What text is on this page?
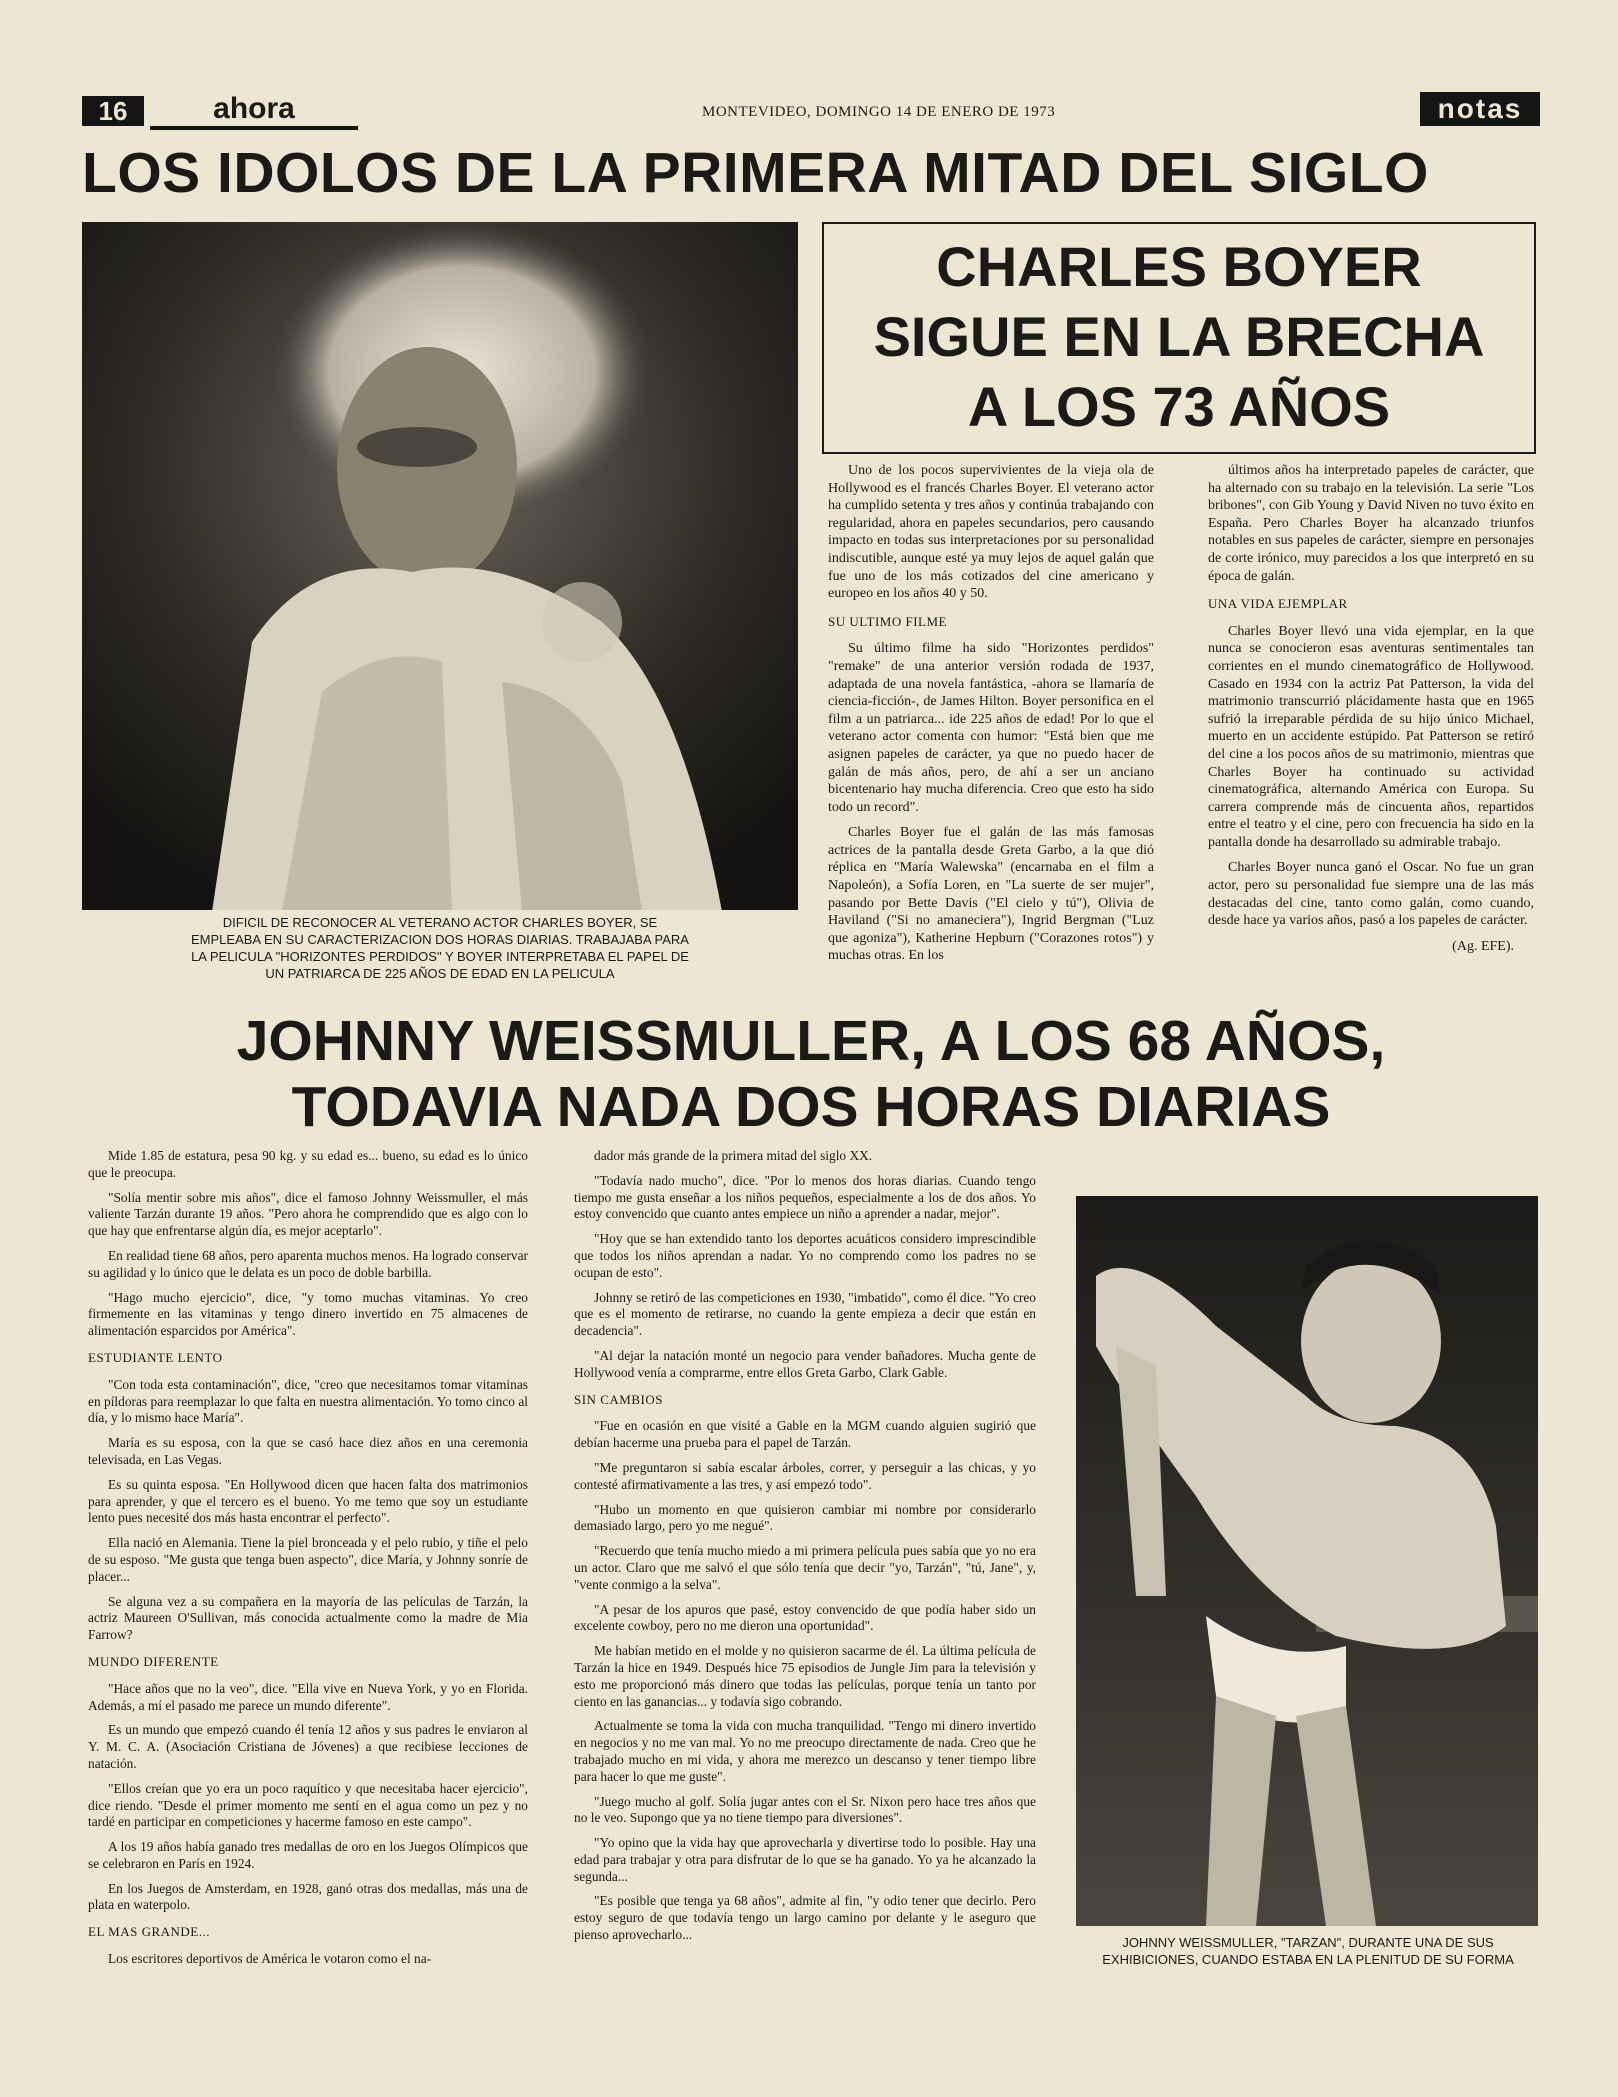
16	ahora	MONTEVIDEO, DOMINGO 14 DE ENERO DE 1973	notas
LOS IDOLOS DE LA PRIMERA MITAD DEL SIGLO
DIFICIL DE RECONOCER AL VETERANO ACTOR CHARLES BOYER, SE EMPLEABA EN SU CARACTERIZACION DOS HORAS DIARIAS. TRABAJABA PARA LA PELICULA "HORIZONTES PERDIDOS" Y BOYER INTERPRETABA EL PAPEL DE UN PATRIARCA DE 225 AÑOS DE EDAD EN LA PELICULA
CHARLES BOYER
SIGUE EN LA BRECHA
A LOS 73 AÑOS

Uno de los pocos supervivientes de la vieja ola de Hollywood es el francés Charles Boyer. El veterano actor ha cumplido setenta y tres años y continúa trabajando con regularidad, ahora en papeles secundarios, pero causando impacto en todas sus interpretaciones por su personalidad indiscutible, aunque esté ya muy lejos de aquel galán que fue uno de los más cotizados del cine americano y europeo en los años 40 y 50.

SU ULTIMO FILME

Su último filme ha sido "Horizontes perdidos" "remake" de una anterior versión rodada de 1937, adaptada de una novela fantástica, -ahora se llamaría de ciencia-ficción-, de James Hilton. Boyer personifica en el film a un patriarca... ide 225 años de edad! Por lo que el veterano actor comenta con humor: "Está bien que me asignen papeles de carácter, ya que no puedo hacer de galán de más años, pero, de ahí a ser un anciano bicentenario hay mucha diferencia. Creo que esto ha sido todo un record".

Charles Boyer fue el galán de las más famosas actrices de la pantalla desde Greta Garbo, a la que dió réplica en "María Walewska" (encarnaba en el film a Napoleón), a Sofía Loren, en "La suerte de ser mujer", pasando por Bette Davis ("El cielo y tú"), Olivia de Haviland ("Si no amaneciera"), Ingrid Bergman ("Luz que agoniza"), Katherine Hepburn ("Corazones rotos") y muchas otras. En los

últimos años ha interpretado papeles de carácter, que ha alternado con su trabajo en la televisión. La serie "Los bribones", con Gib Young y David Niven no tuvo éxito en España. Pero Charles Boyer ha alcanzado triunfos notables en sus papeles de carácter, siempre en personajes de corte irónico, muy parecidos a los que interpretó en su época de galán.

UNA VIDA EJEMPLAR

Charles Boyer llevó una vida ejemplar, en la que nunca se conocieron esas aventuras sentimentales tan corrientes en el mundo cinematográfico de Hollywood. Casado en 1934 con la actriz Pat Patterson, la vida del matrimonio transcurrió plácidamente hasta que en 1965 sufrió la irreparable pérdida de su hijo único Michael, muerto en un accidente estúpido. Pat Patterson se retiró del cine a los pocos años de su matrimonio, mientras que Charles Boyer ha continuado su actividad cinematográfica, alternando América con Europa. Su carrera comprende más de cincuenta años, repartidos entre el teatro y el cine, pero con frecuencia ha sido en la pantalla donde ha desarrollado su admirable trabajo.

Charles Boyer nunca ganó el Oscar. No fue un gran actor, pero su personalidad fue siempre una de las más destacadas del cine, tanto como galán, como cuando, desde hace ya varios años, pasó a los papeles de carácter.

(Ag. EFE).
JOHNNY WEISSMULLER, A LOS 68 AÑOS,
TODAVIA NADA DOS HORAS DIARIAS

Mide 1.85 de estatura, pesa 90 kg. y su edad es... bueno, su edad es lo único que le preocupa.

"Solía mentir sobre mis años", dice el famoso Johnny Weissmuller, el más valiente Tarzán durante 19 años. "Pero ahora he comprendido que es algo con lo que hay que enfrentarse algún día, es mejor aceptarlo".

En realidad tiene 68 años, pero aparenta muchos menos. Ha logrado conservar su agilidad y lo único que le delata es un poco de doble barbilla.

"Hago mucho ejercicio", dice, "y tomo muchas vitaminas. Yo creo firmemente en las vitaminas y tengo dinero invertido en 75 almacenes de alimentación esparcidos por América".

ESTUDIANTE LENTO

"Con toda esta contaminación", dice, "creo que necesitamos tomar vitaminas en píldoras para reemplazar lo que falta en nuestra alimentación. Yo tomo cinco al día, y lo mismo hace María".

María es su esposa, con la que se casó hace diez años en una ceremonia televisada, en Las Vegas.

Es su quinta esposa. "En Hollywood dicen que hacen falta dos matrimonios para aprender, y que el tercero es el bueno. Yo me temo que soy un estudiante lento pues necesité dos más hasta encontrar el perfecto".

Ella nació en Alemania. Tiene la piel bronceada y el pelo rubio, y tiñe el pelo de su esposo. "Me gusta que tenga buen aspecto", dice María, y Johnny sonríe de placer...

Se alguna vez a su compañera en la mayoría de las películas de Tarzán, la actriz Maureen O'Sullivan, más conocida actualmente como la madre de Mia Farrow?

MUNDO DIFERENTE

"Hace años que no la veo", dice. "Ella vive en Nueva York, y yo en Florida. Además, a mí el pasado me parece un mundo diferente".

Es un mundo que empezó cuando él tenía 12 años y sus padres le enviaron al Y. M. C. A. (Asociación Cristiana de Jóvenes) a que recibiese lecciones de natación.

"Ellos creían que yo era un poco raquítico y que necesitaba hacer ejercicio", dice riendo. "Desde el primer momento me sentí en el agua como un pez y no tardé en participar en competiciones y hacerme famoso en este campo".

A los 19 años había ganado tres medallas de oro en los Juegos Olímpicos que se celebraron en París en 1924.

En los Juegos de Amsterdam, en 1928, ganó otras dos medallas, más una de plata en waterpolo.

EL MAS GRANDE...

Los escritores deportivos de América le votaron como el na-

dador más grande de la primera mitad del siglo XX.

"Todavía nado mucho", dice. "Por lo menos dos horas diarias. Cuando tengo tiempo me gusta enseñar a los niños pequeños, especialmente a los de dos años. Yo estoy convencido que cuanto antes empiece un niño a aprender a nadar, mejor".

"Hoy que se han extendido tanto los deportes acuáticos considero imprescindible que todos los niños aprendan a nadar. Yo no comprendo como los padres no se ocupan de esto".

Johnny se retiró de las competiciones en 1930, "imbatido", como él dice. "Yo creo que es el momento de retirarse, no cuando la gente empieza a decir que están en decadencia".

"Al dejar la natación monté un negocio para vender bañadores. Mucha gente de Hollywood venía a comprarme, entre ellos Greta Garbo, Clark Gable.

SIN CAMBIOS

"Fue en ocasión en que visité a Gable en la MGM cuando alguien sugirió que debían hacerme una prueba para el papel de Tarzán.

"Me preguntaron si sabía escalar árboles, correr, y perseguir a las chicas, y yo contesté afirmativamente a las tres, y así empezó todo".

"Hubo un momento en que quisieron cambiar mi nombre por considerarlo demasiado largo, pero yo me negué".

"Recuerdo que tenía mucho miedo a mi primera película pues sabía que yo no era un actor. Claro que me salvó el que sólo tenía que decir "yo, Tarzán", "tú, Jane", y, "vente conmigo a la selva".

"A pesar de los apuros que pasé, estoy convencido de que podía haber sido un excelente cowboy, pero no me dieron una oportunidad".

Me habían metido en el molde y no quisieron sacarme de él. La última película de Tarzán la hice en 1949. Después hice 75 episodios de Jungle Jim para la televisión y esto me proporcionó más dinero que todas las películas, porque tenía un tanto por ciento en las ganancias... y todavía sigo cobrando.

Actualmente se toma la vida con mucha tranquilidad. "Tengo mi dinero invertido en negocios y no me van mal. Yo no me preocupo directamente de nada. Creo que he trabajado mucho en mi vida, y ahora me merezco un descanso y tener tiempo libre para hacer lo que me guste".

"Juego mucho al golf. Solía jugar antes con el Sr. Nixon pero hace tres años que no le veo. Supongo que ya no tiene tiempo para diversiones".

"Yo opino que la vida hay que aprovecharla y divertirse todo lo posible. Hay una edad para trabajar y otra para disfrutar de lo que se ha ganado. Yo ya he alcanzado la segunda...

"Es posible que tenga ya 68 años", admite al fin, "y odio tener que decirlo. Pero estoy seguro de que todavía tengo un largo camino por delante y le aseguro que pienso aprovecharlo...

JOHNNY WEISSMULLER, "TARZAN", DURANTE UNA DE SUS EXHIBICIONES, CUANDO ESTABA EN LA PLENITUD DE SU FORMA
